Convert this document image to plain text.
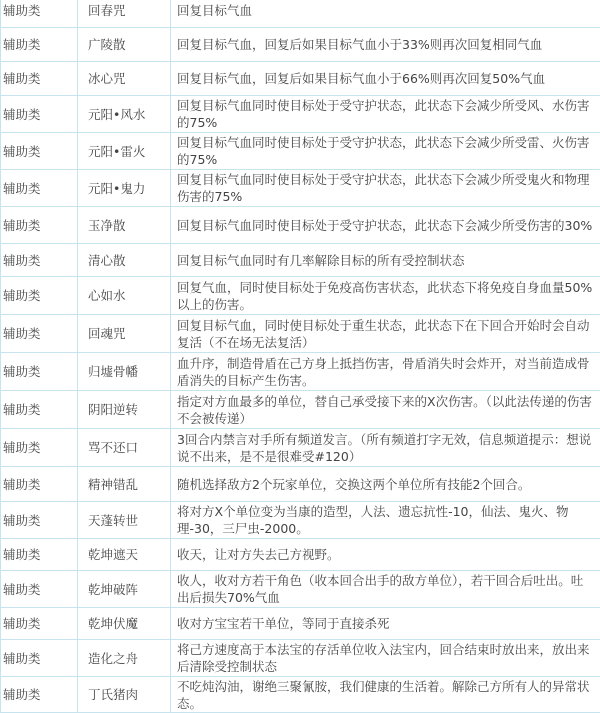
辅助类	回春咒	回复目标气血
辅助类	广陵散	回复目标气血，回复后如果目标气血小于33%则再次回复相同气血
辅助类	冰心咒	回复目标气血，回复后如果目标气血小于66%则再次回复50%气血
辅助类	元阳•风水	回复目标气血同时使目标处于受守护状态，此状态下会减少所受风、水伤害的75%
辅助类	元阳•雷火	回复目标气血同时使目标处于受守护状态，此状态下会减少所受雷、火伤害的75%
辅助类	元阳•鬼力	回复目标气血同时使目标处于受守护状态，此状态下会减少所受鬼火和物理伤害的75%
辅助类	玉净散	回复目标气血同时使目标处于受守护状态，此状态下会减少所受伤害的30%
辅助类	清心散	回复目标气血同时有几率解除目标的所有受控制状态
辅助类	心如水	回复气血，同时使目标处于免疫高伤害状态，此状态下将免疫自身血量50%以上的伤害。
辅助类	回魂咒	回复目标气血，同时使目标处于重生状态，此状态下在下回合开始时会自动复活（不在场无法复活）
辅助类	归墟骨幡	血升序，制造骨盾在己方身上抵挡伤害，骨盾消失时会炸开，对当前造成骨盾消失的目标产生伤害。
辅助类	阴阳逆转	指定对方血最多的单位，替自己承受接下来的X次伤害。（以此法传递的伤害不会被传递）
辅助类	骂不还口	3回合内禁言对手所有频道发言。（所有频道打字无效，信息频道提示：想说说不出来，是不是很难受#120）
辅助类	精神错乱	随机选择敌方2个玩家单位，交换这两个单位所有技能2个回合。
辅助类	天蓬转世	将对方X个单位变为当康的造型，人法、遗忘抗性-10，仙法、鬼火、物理-30，三尸虫-2000。
辅助类	乾坤遮天	收天，让对方失去己方视野。
辅助类	乾坤破阵	收人，收对方若干角色（收本回合出手的敌方单位），若干回合后吐出。吐出后损失70%气血
辅助类	乾坤伏魔	收对方宝宝若干单位，等同于直接杀死
辅助类	造化之舟	将己方速度高于本法宝的存活单位收入法宝内，回合结束时放出来，放出来后清除受控制状态
辅助类	丁氏猪肉	不吃炖沟油，谢绝三聚氰胺，我们健康的生活着。解除己方所有人的异常状态。
